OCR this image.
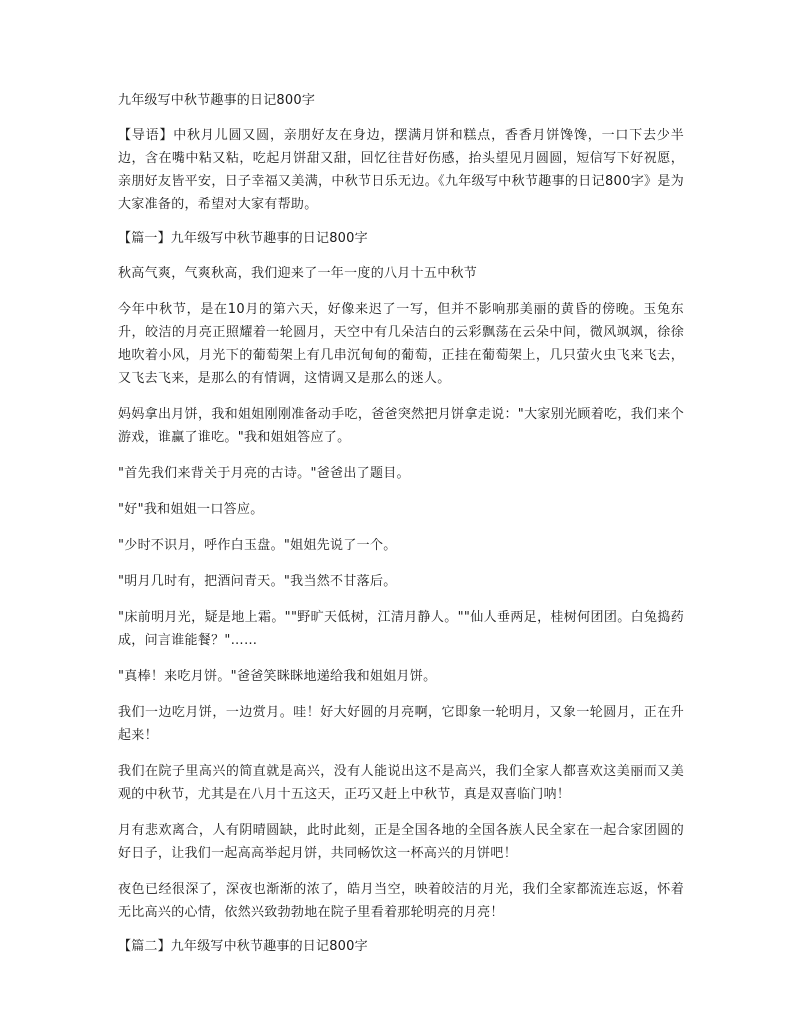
九年级写中秋节趣事的日记800字

【导语】中秋月儿圆又圆，亲朋好友在身边，摆满月饼和糕点，香香月饼馋馋，一口下去少半边，含在嘴中粘又粘，吃起月饼甜又甜，回忆往昔好伤感，抬头望见月圆圆，短信写下好祝愿，亲朋好友皆平安，日子幸福又美满，中秋节日乐无边。《九年级写中秋节趣事的日记800字》是为大家准备的，希望对大家有帮助。

【篇一】九年级写中秋节趣事的日记800字

秋高气爽，气爽秋高，我们迎来了一年一度的八月十五中秋节

今年中秋节，是在10月的第六天，好像来迟了一写，但并不影响那美丽的黄昏的傍晚。玉兔东升，皎洁的月亮正照耀着一轮圆月，天空中有几朵洁白的云彩飘荡在云朵中间，微风飒飒，徐徐地吹着小风，月光下的葡萄架上有几串沉甸甸的葡萄，正挂在葡萄架上，几只萤火虫飞来飞去，又飞去飞来，是那么的有情调，这情调又是那么的迷人。

妈妈拿出月饼，我和姐姐刚刚准备动手吃，爸爸突然把月饼拿走说："大家别光顾着吃，我们来个游戏，谁赢了谁吃。"我和姐姐答应了。

"首先我们来背关于月亮的古诗。"爸爸出了题目。

"好"我和姐姐一口答应。

"少时不识月，呼作白玉盘。"姐姐先说了一个。

"明月几时有，把酒问青天。"我当然不甘落后。

"床前明月光，疑是地上霜。""野旷天低树，江清月静人。""仙人垂两足，桂树何团团。白兔捣药成，问言谁能餐？"……

"真棒！来吃月饼。"爸爸笑眯眯地递给我和姐姐月饼。

我们一边吃月饼，一边赏月。哇！好大好圆的月亮啊，它即象一轮明月，又象一轮圆月，正在升起来！

我们在院子里高兴的简直就是高兴，没有人能说出这不是高兴，我们全家人都喜欢这美丽而又美观的中秋节，尤其是在八月十五这天，正巧又赶上中秋节，真是双喜临门呐！

月有悲欢离合，人有阴晴圆缺，此时此刻，正是全国各地的全国各族人民全家在一起合家团圆的好日子，让我们一起高高举起月饼，共同畅饮这一杯高兴的月饼吧！

夜色已经很深了，深夜也渐渐的浓了，皓月当空，映着皎洁的月光，我们全家都流连忘返，怀着无比高兴的心情，依然兴致勃勃地在院子里看着那轮明亮的月亮！

【篇二】九年级写中秋节趣事的日记800字
